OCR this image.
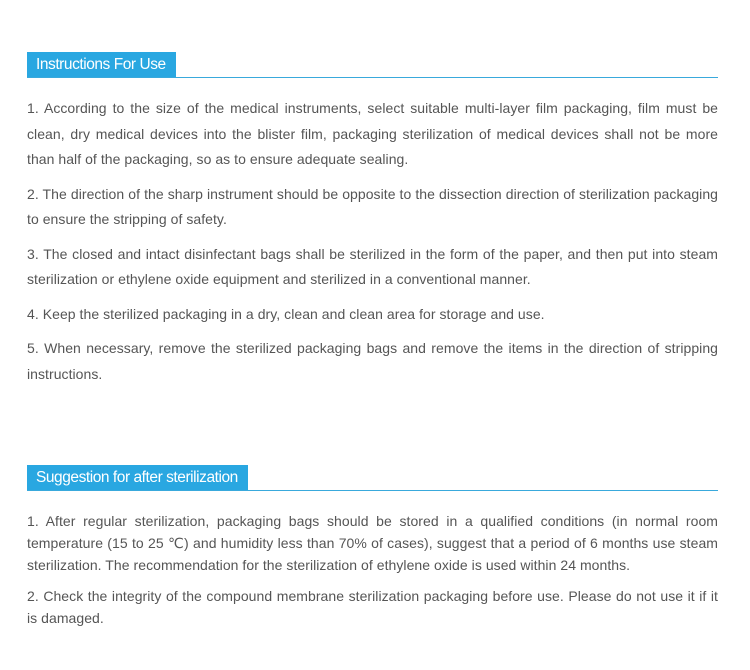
Instructions For Use

1. According to the size of the medical instruments, select suitable multi-layer film packaging, film must be clean, dry medical devices into the blister film, packaging sterilization of medical devices shall not be more than half of the packaging, so as to ensure adequate sealing.

2. The direction of the sharp instrument should be opposite to the dissection direction of sterilization packaging to ensure the stripping of safety.

3. The closed and intact disinfectant bags shall be sterilized in the form of the paper, and then put into steam sterilization or ethylene oxide equipment and sterilized in a conventional manner.

4. Keep the sterilized packaging in a dry, clean and clean area for storage and use.

5. When necessary, remove the sterilized packaging bags and remove the items in the direction of stripping instructions.

Suggestion for after sterilization

1. After regular sterilization, packaging bags should be stored in a qualified conditions (in normal room temperature (15 to 25 ℃) and humidity less than 70% of cases), suggest that a period of 6 months use steam sterilization. The recommendation for the sterilization of ethylene oxide is used within 24 months.

2. Check the integrity of the compound membrane sterilization packaging before use. Please do not use it if it is damaged.
